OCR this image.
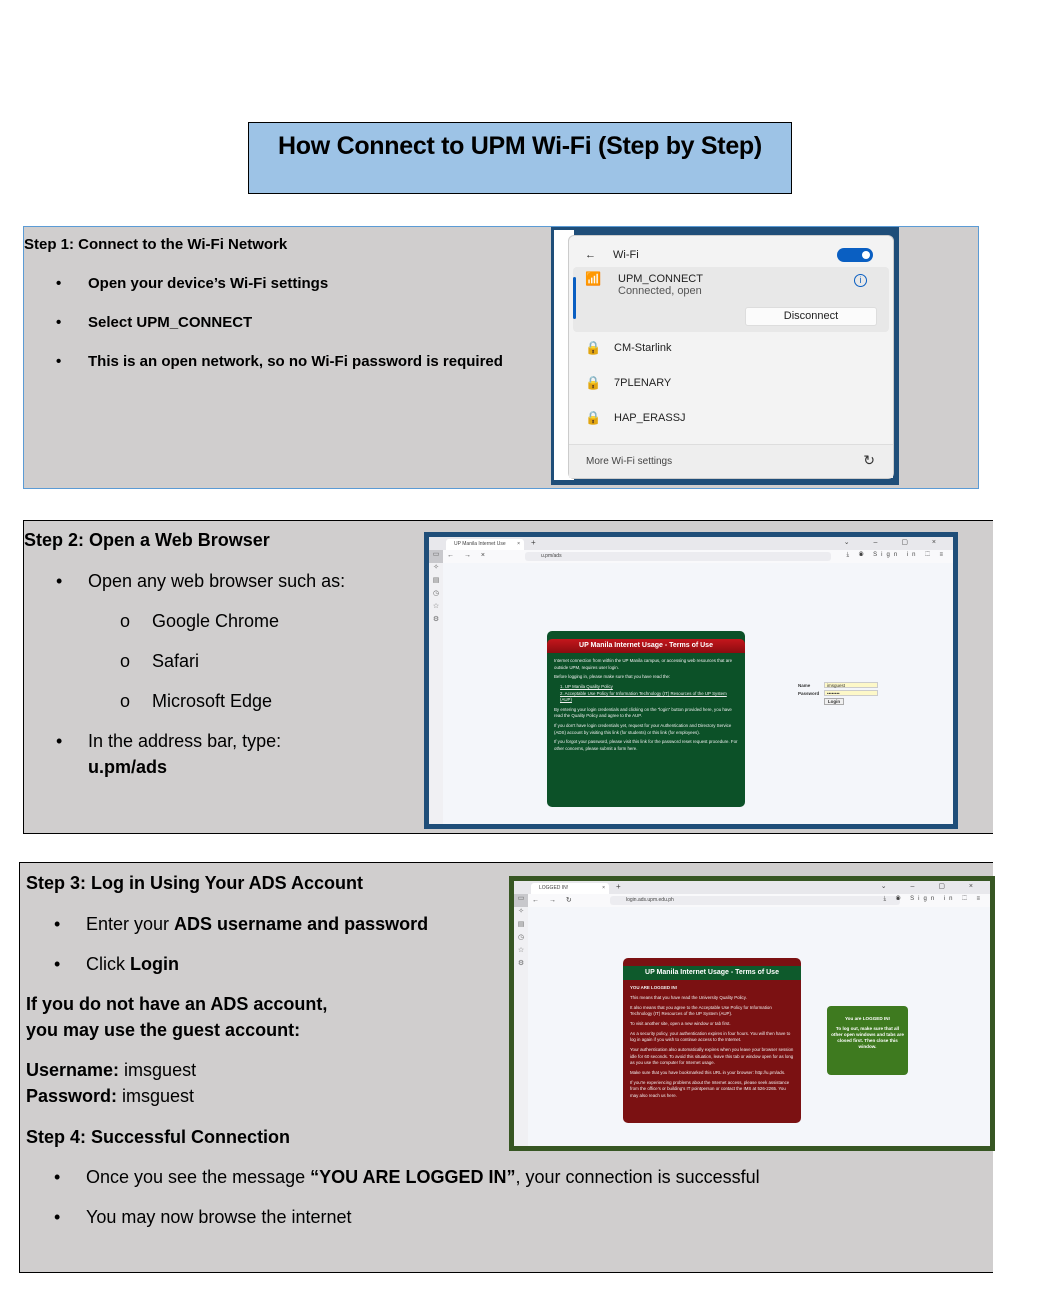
How Connect to UPM Wi-Fi (Step by Step)
Step 1: Connect to the Wi-Fi Network
• Open your device’s Wi-Fi settings
• Select UPM_CONNECT
• This is an open network, so no Wi-Fi password is required
← Wi-Fi
📶 UPM_CONNECT
Connected, open
i
Disconnect
🔒 CM-Starlink
🔒 7PLENARY
🔒 HAP_ERASSJ
More Wi-Fi settings	↻
Step 2: Open a Web Browser
• Open any web browser such as:
o Google Chrome
o Safari
o Microsoft Edge
• In the address bar, type:
u.pm/ads
UP Manila Internet Use × +	⌄ – ▢ ×
← → ×	u.pm/ads	⤓ ◉ Sign in ⬚ ≡
▭
✧
▤
◷
☆
⚙
UP Manila Internet Usage - Terms of Use

Internet connection from within the UP Manila campus, or accessing web resources that are outside UPM, requires user login.

Before logging in, please make sure that you have read the:

1. UP Manila Quality Policy
2. Acceptable Use Policy for Information Technology (IT) Resources of the UP System (AUP)

By entering your login credentials and clicking on the "login" button provided here, you have read the Quality Policy and agree to the AUP.

If you don't have login credentials yet, request for your Authentication and Directory Service (ADS) account by visiting this link (for students) or this link (for employees).

If you forgot your password, please visit this link for the password reset request procedure. For other concerns, please submit a form here.

Name	imsguest
Password	••••••••
Login
Step 3: Log in Using Your ADS Account
• Enter your ADS username and password
• Click Login
If you do not have an ADS account,
you may use the guest account:
Username: imsguest
Password: imsguest
Step 4: Successful Connection
• Once you see the message “YOU ARE LOGGED IN”, your connection is successful
• You may now browse the internet
LOGGED IN!	× +	⌄ – ▢ ×
← → ↻	login.ads.upm.edu.ph	⤓ ◉ Sign in ⬚ ≡
▭
✧
▤
◷
☆
⚙
UP Manila Internet Usage - Terms of Use

YOU ARE LOGGED IN!

This means that you have read the University Quality Policy.

It also means that you agree to the Acceptable Use Policy for Information Technology (IT) Resources of the UP System (AUP).

To visit another site, open a new window or tab first.

As a security policy, your authentication expires in four hours. You will then have to log in again if you wish to continue access to the Internet.

Your authentication also automatically expires when you leave your browser session idle for 60 seconds. To avoid this situation, leave this tab or window open for as long as you use the computer for Internet usage.

Make sure that you have bookmarked this URL in your browser: http://u.pm/ads.

If you're experiencing problems about the Internet access, please seek assistance from the office's or building's IT pointperson or contact the IMS at 526-2265. You may also reach us here.

You are LOGGED IN!

To log out, make sure that all other open windows and tabs are closed first. Then close this window.
